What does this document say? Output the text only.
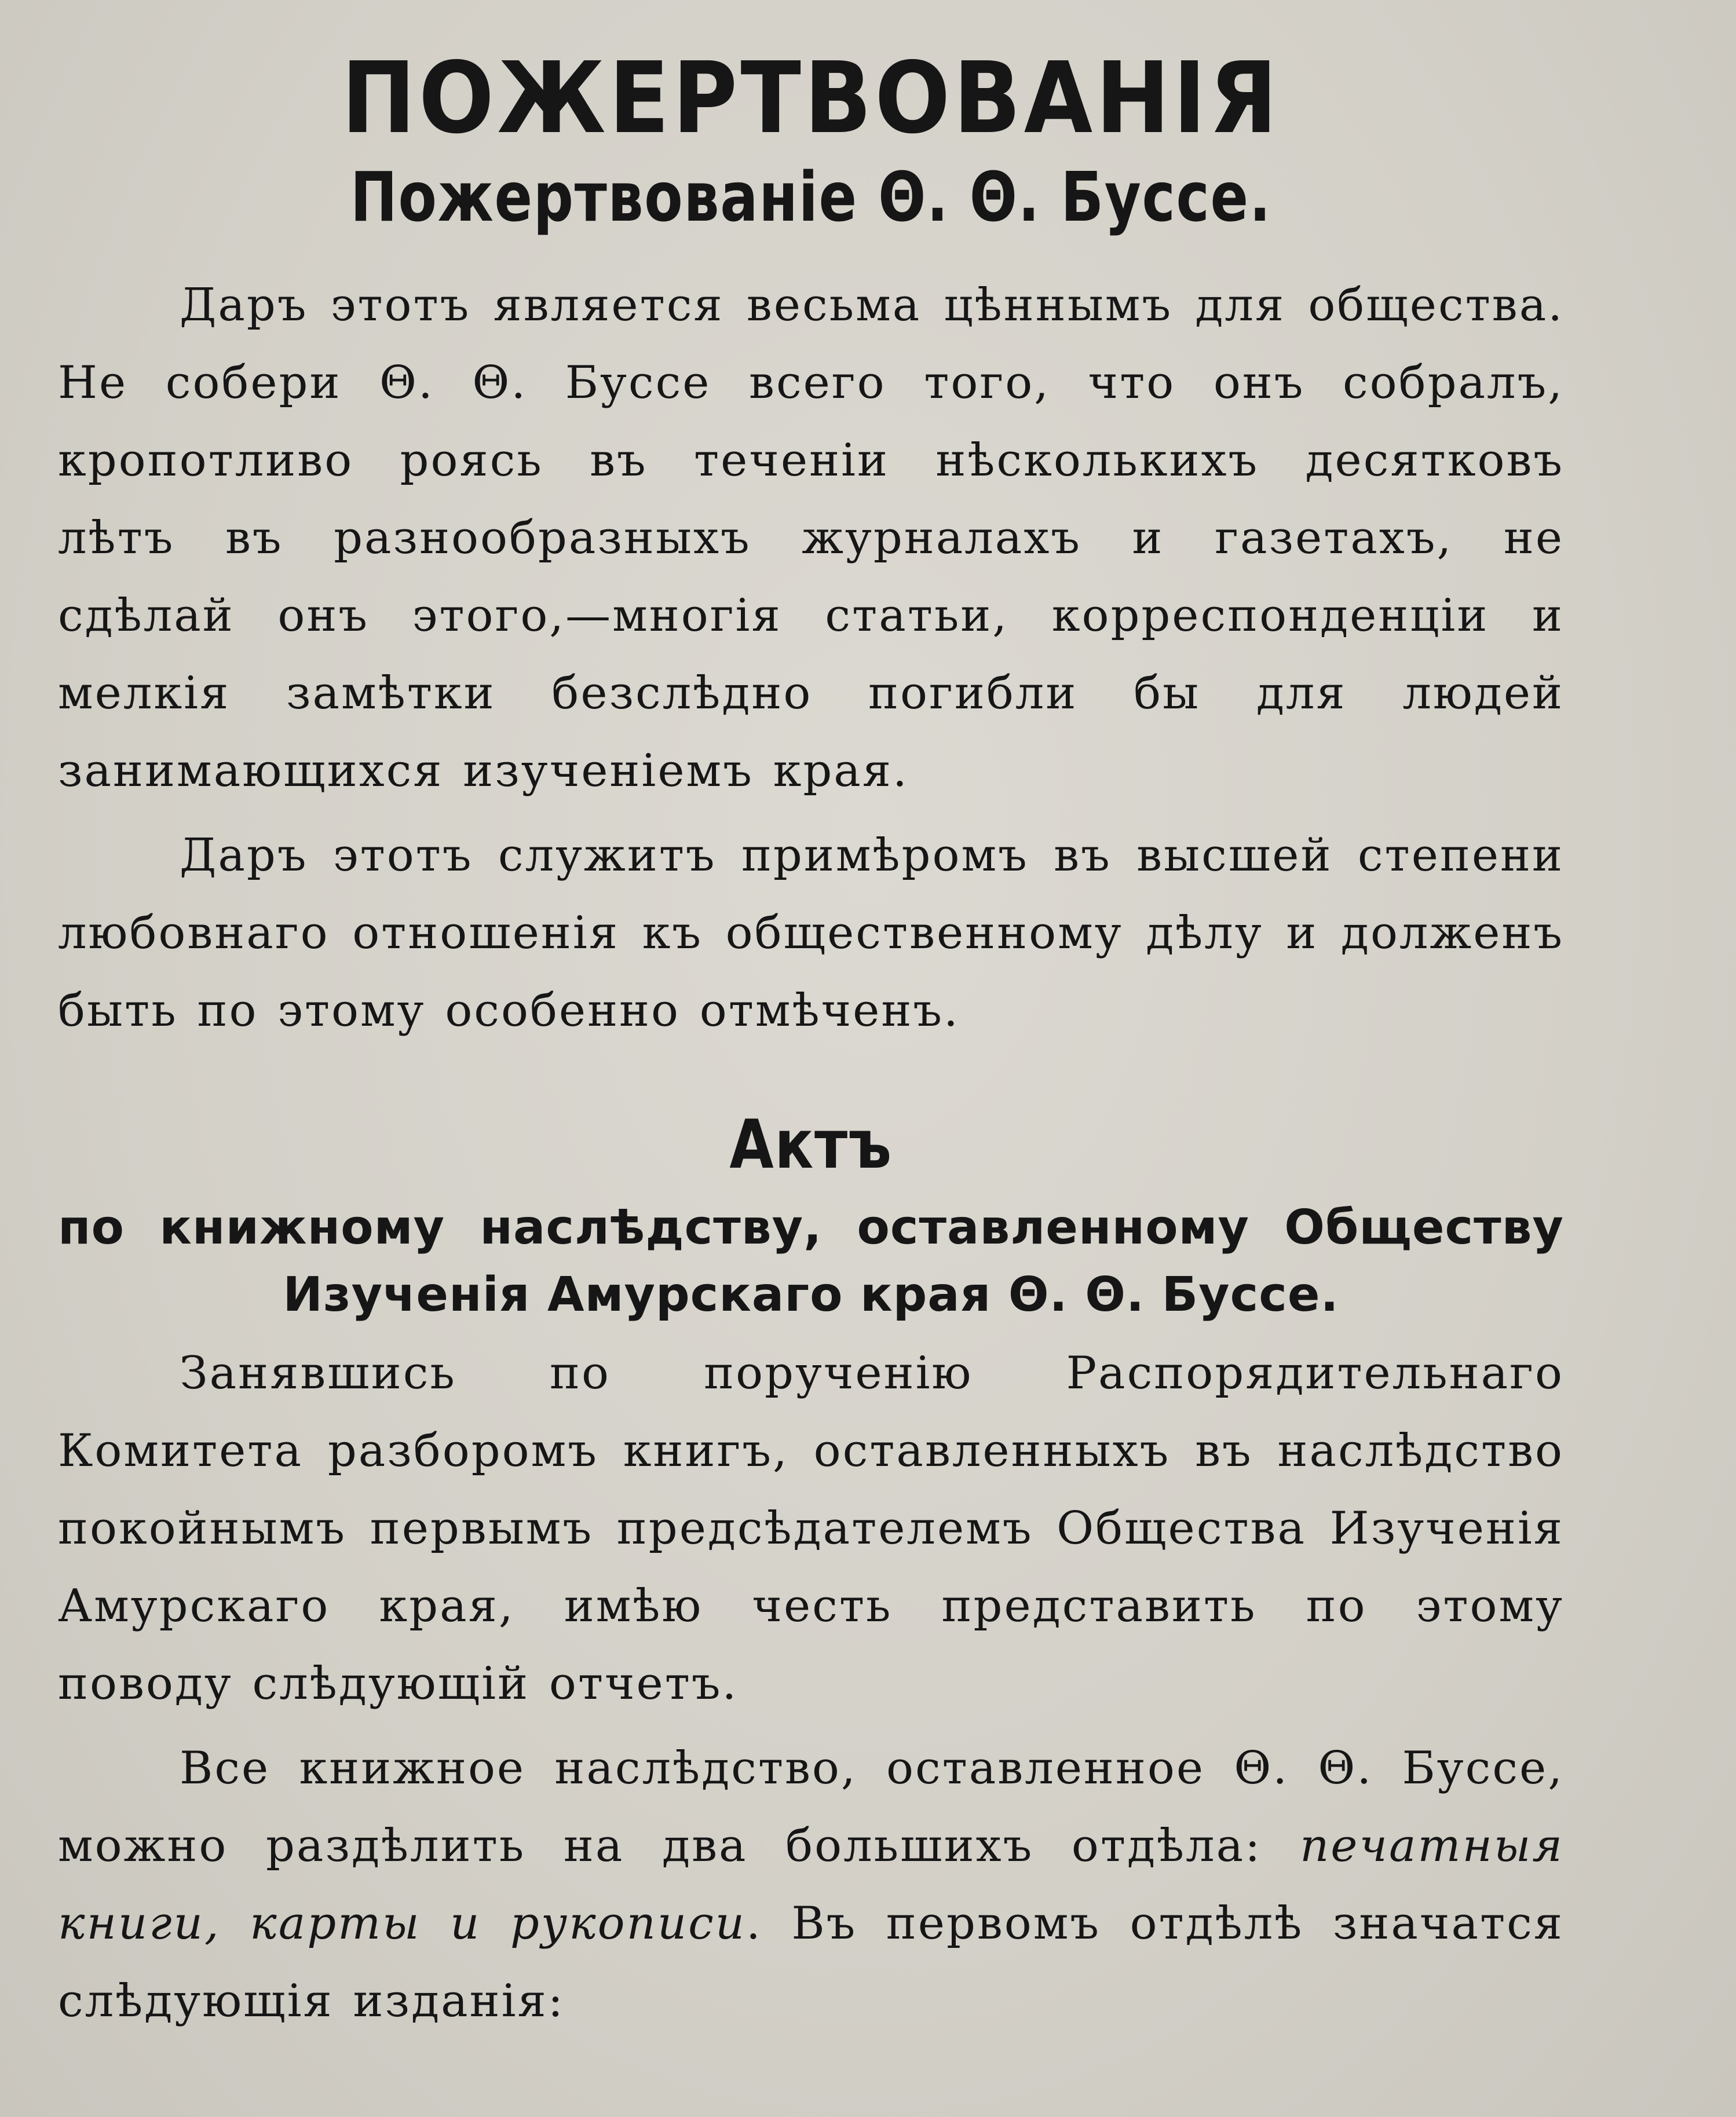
ПОЖЕРТВОВАНІЯ
Пожертвованіе Θ. Θ. Буссе.

Даръ этотъ является весьма цѣннымъ для общества. Не собери Θ. Θ. Буссе всего того, что онъ собралъ, кропотливо роясь въ теченіи нѣсколькихъ десятковъ лѣтъ въ разнообразныхъ журналахъ и газетахъ, не сдѣлай онъ этого,—многія статьи, корреспонденціи и мелкія замѣтки безслѣдно погибли бы для людей занимающихся изученіемъ края.

Даръ этотъ служитъ примѣромъ въ высшей степени любовнаго отношенія къ общественному дѣлу и долженъ быть по этому особенно отмѣченъ.

Актъ

по книжному наслѣдству, оставленному Обществу Изученія Амурскаго края Θ. Θ. Буссе.

Занявшись по порученію Распорядительнаго Комитета разборомъ книгъ, оставленныхъ въ наслѣдство покойнымъ первымъ предсѣдателемъ Общества Изученія Амурскаго края, имѣю честь представить по этому поводу слѣдующій отчетъ.

Все книжное наслѣдство, оставленное Θ. Θ. Буссе, можно раздѣлить на два большихъ отдѣла: печатныя книги, карты и рукописи. Въ первомъ отдѣлѣ значатся слѣдующія изданія:
